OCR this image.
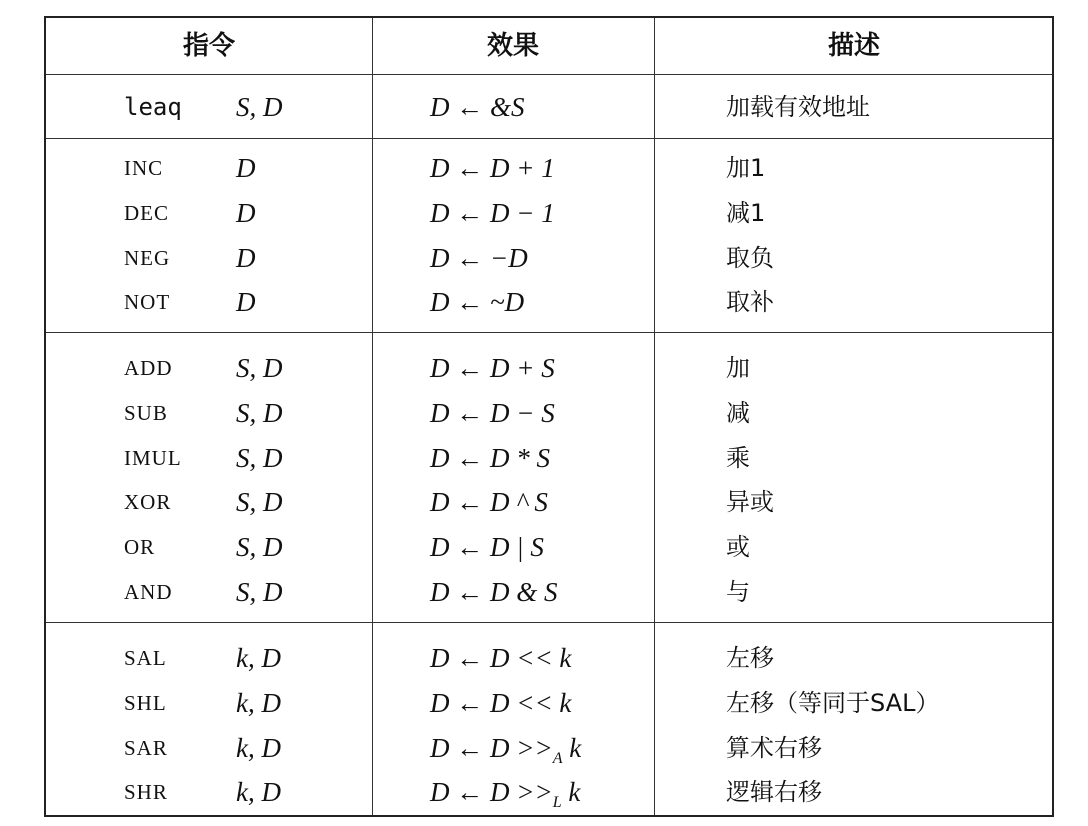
指令	效果	描述
leaq S, D	D ← &S	加载有效地址
INC	D	D ← D + 1	加1
DEC D	D ← D − 1	减1
NEG D	D ← −D	取负
NOT D	D ← ~D	取补
ADD S, D	D ← D + S	加
SUB	S, D	D ← D − S	减
IMUL S, D	D ← D * S	乘
XOR S, D	D ← D ^ S	异或
OR	S, D	D ← D | S	或
AND S, D	D ← D & S	与
SAL	k, D	D ← D << k	左移
SHL	k, D	D ← D << k	左移（等同于SAL）
SAR	k, D	D ← $D >>_A$ k	算术右移
SHR	k, D	D ← $D >>_L$ k	逻辑右移
